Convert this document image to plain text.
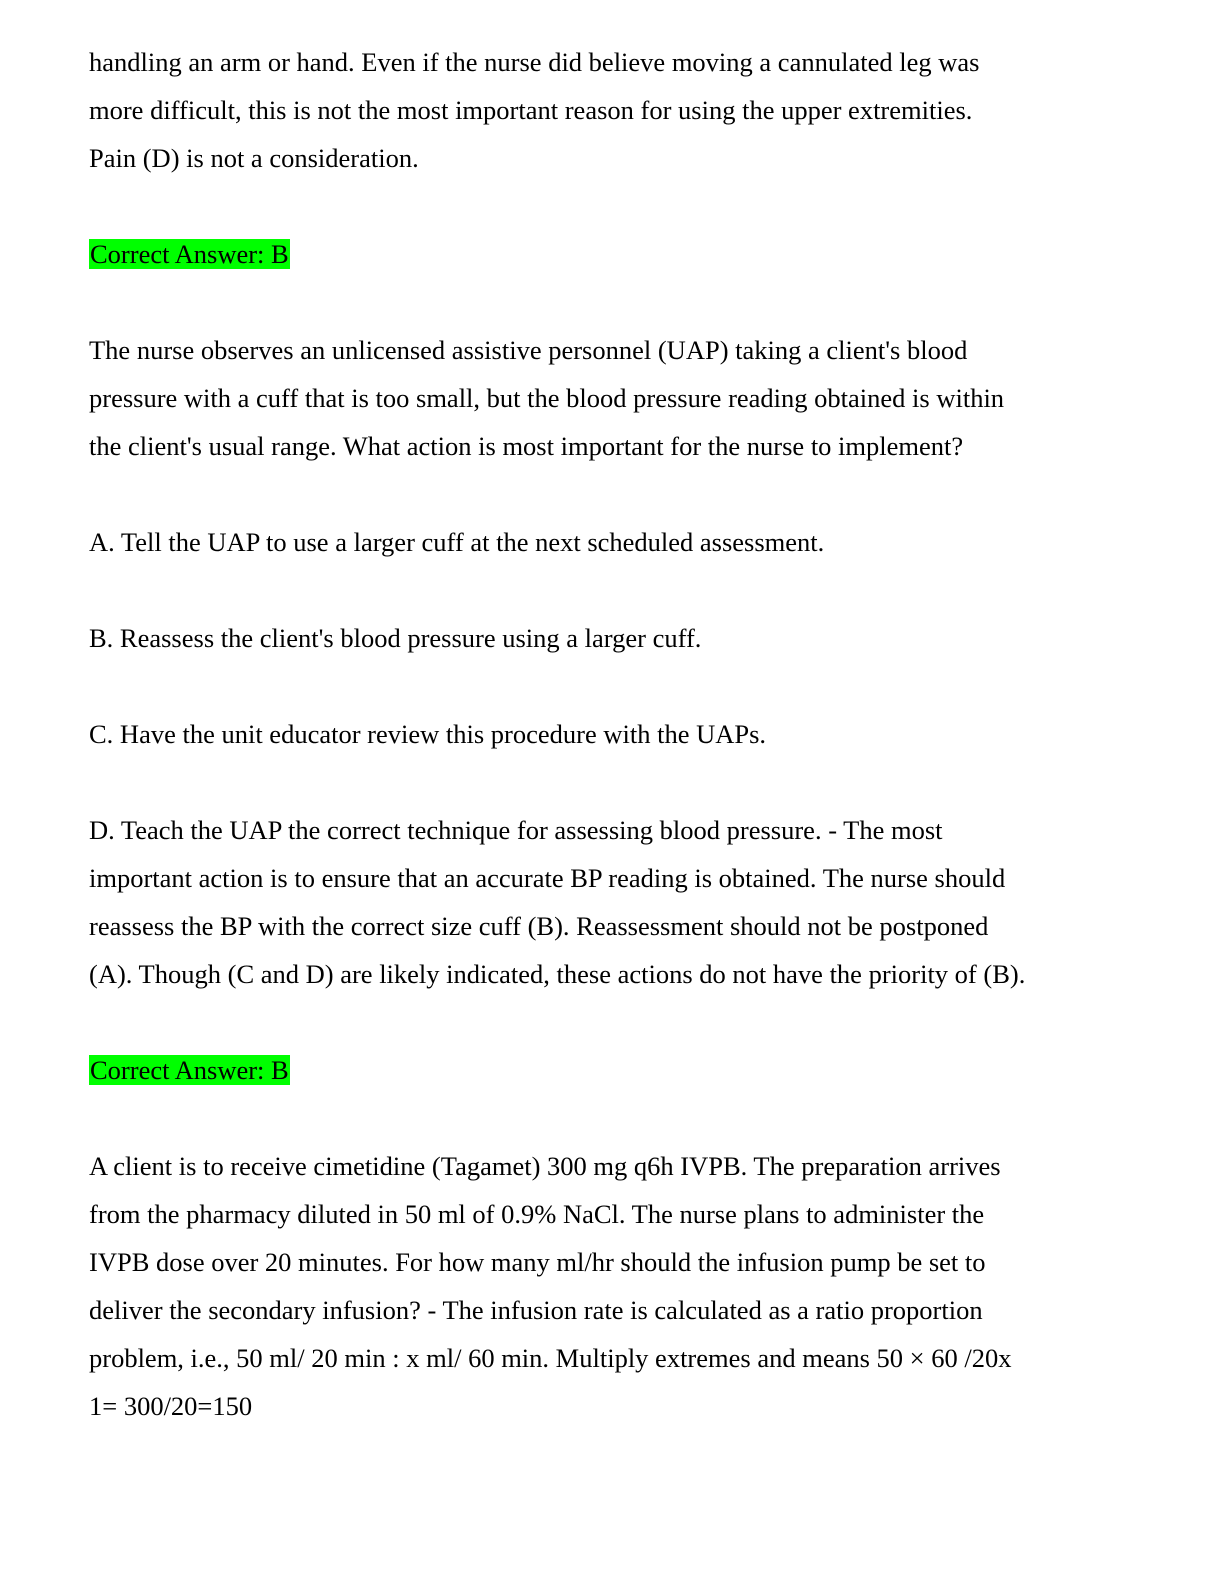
handling an arm or hand. Even if the nurse did believe moving a cannulated leg was
more difficult, this is not the most important reason for using the upper extremities.
Pain (D) is not a consideration.
Correct Answer: B
The nurse observes an unlicensed assistive personnel (UAP) taking a client's blood
pressure with a cuff that is too small, but the blood pressure reading obtained is within
the client's usual range. What action is most important for the nurse to implement?
A. Tell the UAP to use a larger cuff at the next scheduled assessment.
B. Reassess the client's blood pressure using a larger cuff.
C. Have the unit educator review this procedure with the UAPs.
D. Teach the UAP the correct technique for assessing blood pressure. - The most
important action is to ensure that an accurate BP reading is obtained. The nurse should
reassess the BP with the correct size cuff (B). Reassessment should not be postponed
(A). Though (C and D) are likely indicated, these actions do not have the priority of (B).
Correct Answer: B
A client is to receive cimetidine (Tagamet) 300 mg q6h IVPB. The preparation arrives
from the pharmacy diluted in 50 ml of 0.9% NaCl. The nurse plans to administer the
IVPB dose over 20 minutes. For how many ml/hr should the infusion pump be set to
deliver the secondary infusion? - The infusion rate is calculated as a ratio proportion
problem, i.e., 50 ml/ 20 min : x ml/ 60 min. Multiply extremes and means 50 × 60 /20x
1= 300/20=150
